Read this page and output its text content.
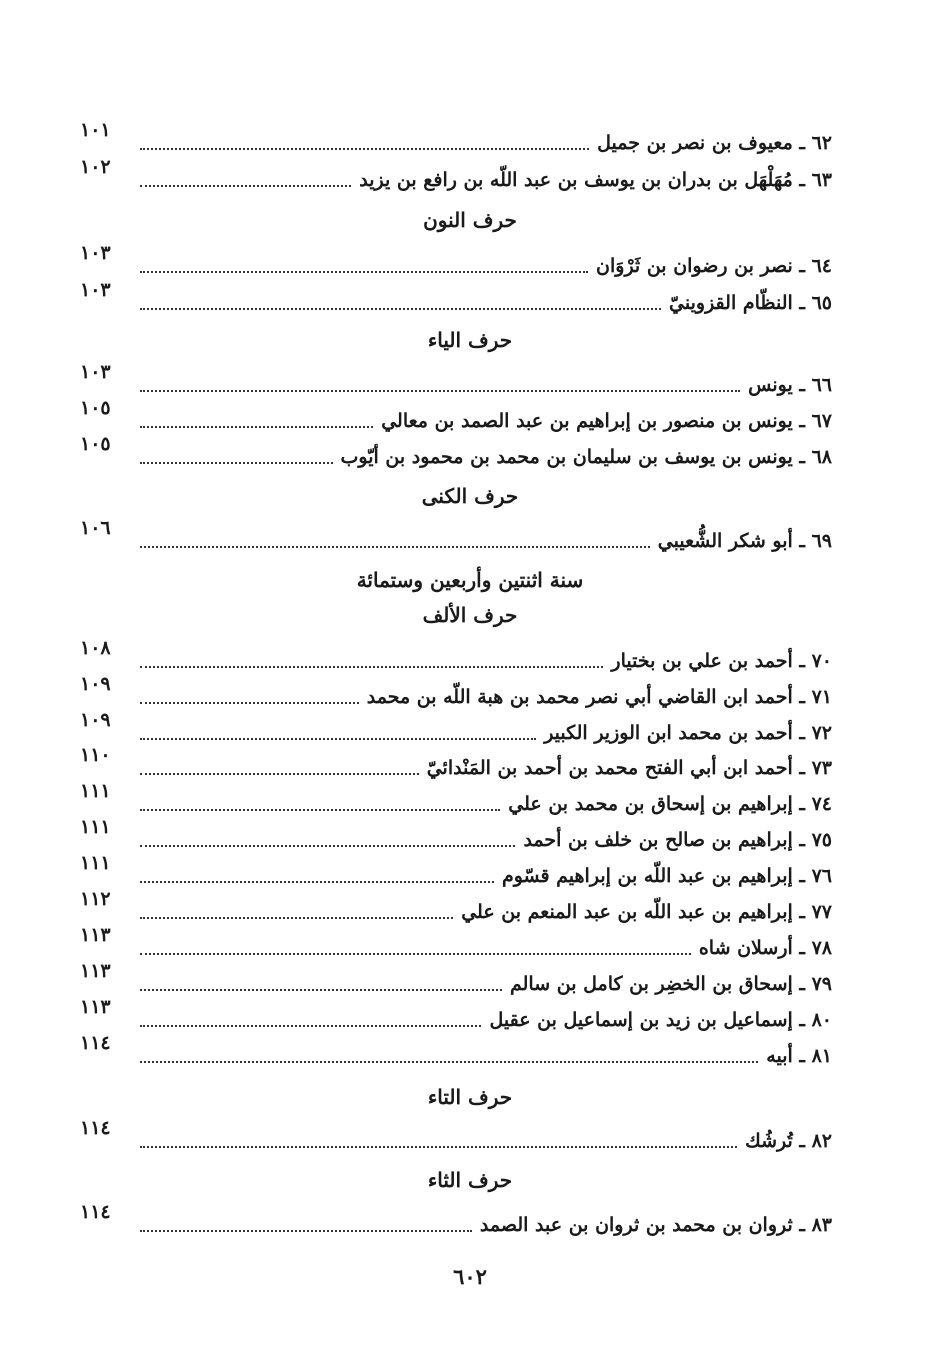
٦٢ ـ معيوف بن نصر بن جميل
١٠١
٦٣ ـ مُهَلْهَل بن بدران بن يوسف بن عبد اللّه بن رافع بن يزيد
١٠٢
حرف النون
٦٤ ـ نصر بن رضوان بن ثَرْوَان
١٠٣
٦٥ ـ النظّام القزوينيّ
١٠٣
حرف الياء
٦٦ ـ يونس
١٠٣
٦٧ ـ يونس بن منصور بن إبراهيم بن عبد الصمد بن معالي
١٠٥
٦٨ ـ يونس بن يوسف بن سليمان بن محمد بن محمود بن أيّوب
١٠٥
حرف الكنى
٦٩ ـ أبو شكر الشُّعيبي
١٠٦
سنة اثنتين وأربعين وستمائة
حرف الألف
٧٠ ـ أحمد بن علي بن بختيار
١٠٨
٧١ ـ أحمد ابن القاضي أبي نصر محمد بن هبة اللّه بن محمد
١٠٩
٧٢ ـ أحمد بن محمد ابن الوزير الكبير
١٠٩
٧٣ ـ أحمد ابن أبي الفتح محمد بن أحمد بن المَنْدائيّ
١١٠
٧٤ ـ إبراهيم بن إسحاق بن محمد بن علي
١١١
٧٥ ـ إبراهيم بن صالح بن خلف بن أحمد
١١١
٧٦ ـ إبراهيم بن عبد اللّه بن إبراهيم قسّوم
١١١
٧٧ ـ إبراهيم بن عبد اللّه بن عبد المنعم بن علي
١١٢
٧٨ ـ أرسلان شاه
١١٣
٧٩ ـ إسحاق بن الخضِر بن كامل بن سالم
١١٣
٨٠ ـ إسماعيل بن زيد بن إسماعيل بن عقيل
١١٣
٨١ ـ أبيه
١١٤
حرف التاء
٨٢ ـ تُرشُك
١١٤
حرف الثاء
٨٣ ـ ثروان بن محمد بن ثروان بن عبد الصمد
١١٤
٦٠٢
